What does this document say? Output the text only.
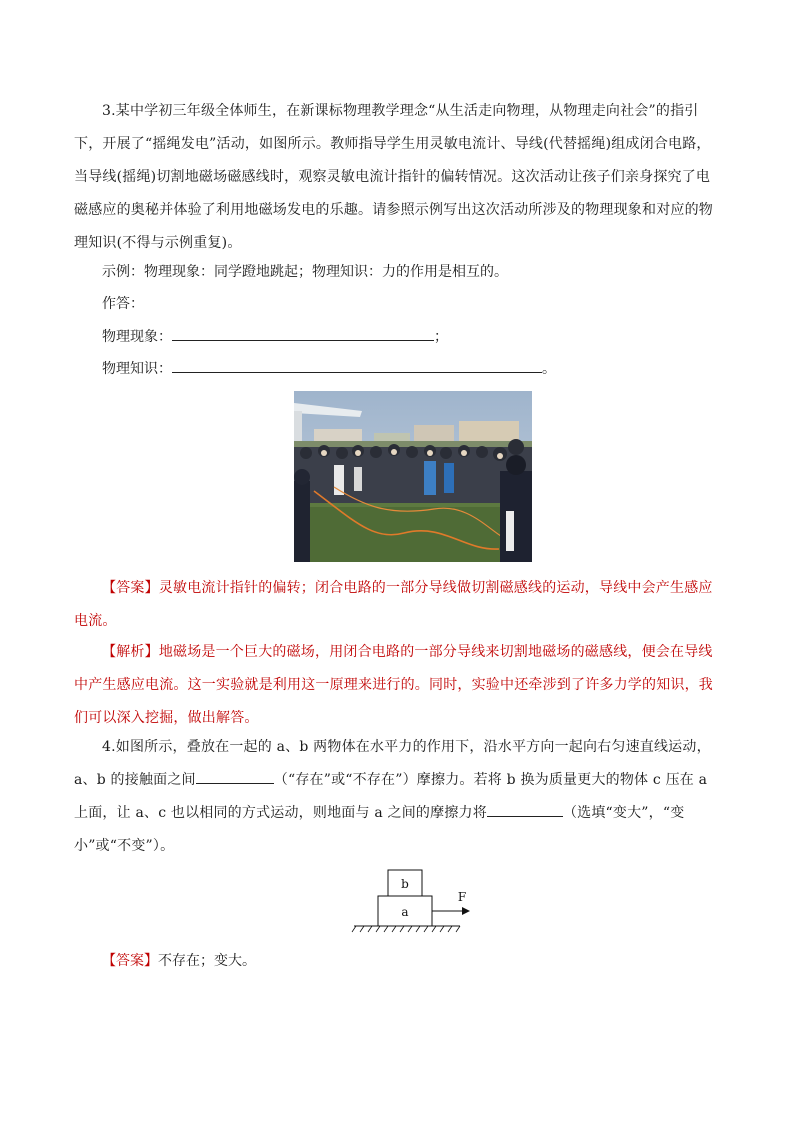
3.某中学初三年级全体师生，在新课标物理教学理念“从生活走向物理，从物理走向社会”的指引下，开展了“摇绳发电”活动，如图所示。教师指导学生用灵敏电流计、导线(代替摇绳)组成闭合电路，当导线(摇绳)切割地磁场磁感线时，观察灵敏电流计指针的偏转情况。这次活动让孩子们亲身探究了电磁感应的奥秘并体验了利用地磁场发电的乐趣。请参照示例写出这次活动所涉及的物理现象和对应的物理知识(不得与示例重复)。

示例：物理现象：同学蹬地跳起；物理知识：力的作用是相互的。
作答：
物理现象：	；
物理知识：	。

【答案】灵敏电流计指针的偏转；闭合电路的一部分导线做切割磁感线的运动，导线中会产生感应电流。

【解析】地磁场是一个巨大的磁场，用闭合电路的一部分导线来切割地磁场的磁感线，便会在导线中产生感应电流。这一实验就是利用这一原理来进行的。同时，实验中还牵涉到了许多力学的知识，我们可以深入挖掘，做出解答。

4.如图所示，叠放在一起的 a、b 两物体在水平力的作用下，沿水平方向一起向右匀速直线运动，a、b 的接触面之间	（“存在”或“不存在”）摩擦力。若将 b 换为质量更大的物体 c 压在 a 上面，让 a、c 也以相同的方式运动，则地面与 a 之间的摩擦力将	（选填“变大”，“变小”或“不变”）。

b
a
F
【答案】不存在；变大。
